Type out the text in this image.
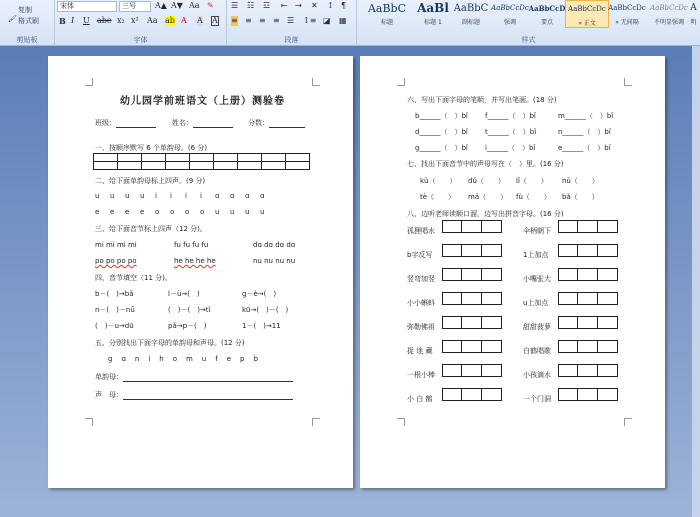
复制
🖌 格式刷
剪贴板
宋体	三号	A▲ A▼ Aa ✎
B I U abe x₂ x² Aa ab A A A
字体
☰ ☷ ☲ ⇤ ⇥ ✕ ↕ ¶
≡ ≡ ≡ ≡ ☰ ↕≡ ◪ ▦
段落
AaBbC
标题
AaBl
标题 1
AaBbC
副标题
AaBbCcDc
强调
AaBbCcD
要点
AaBbCcDc
» 正文
AaBbCcDc
» 无间隔
AaBbCcDc
不明显强调
A
明
样式
幼儿园学前班语文（上册）测验卷
班级：	姓名：	分数：
一、按顺序默写 6 个单韵母。(6 分)

二、给下面单韵母标上四声。(9 分)
u	u	u	u	i	i	i	i	ɑ	ɑ	ɑ	ɑ
e	e	e	e	o	o	o	o	u	u	u	u
三、给下面音节标上四声（12 分)。
mi mi mi mi	fu fu fu fu	dɑ dɑ dɑ dɑ
po po po po	he he he he	nu nu nu nu
四、音节填空（11 分)。
b－(　)→bǎ	l－ù→(　)	g－è→(　)
n－(　)－nǚ	(　)－(　)→tì	kū→(　)－(　)
(　)－u→dū	pǎ→p－(　)	1－(　)→11
五、分别找出下面字母的单韵母和声母。(12 分)
g　ɑ　n　i　h　o　m　u　f　e　p　b
单韵母：
声　母：
六、写出下面字母的笔顺，并写出笔画。(18 分)
b______（　）bǐ f______（　）bǐ	m______（　）bǐ
d______（　）bǐ t______（　）bǐ	n______（　）bǐ
g______（　）bǐ i______（　）bǐ	e______（　）bǐ
七、找出下面音节中的声母写在（　）里。(16 分)
kǔ（　　） dǔ（　　） lǐ（　　） nǔ（　　）
tè（　　） mǎ（　　） fù（　　） bǎ（　　）
八、边听老师读顺口溜，边写出拼音字母。(16 分)
孤狸唱水	伞柄朝下
b字反写	1上加点
竖弯加竖	小嘴张大
小小蝌蚪	u上加点
弥勒佛祖	甜甜菠萝
捉 迷 藏	白鹤唱歌
一根小棒	小孩滴水
小 白 鹅	一个门洞
